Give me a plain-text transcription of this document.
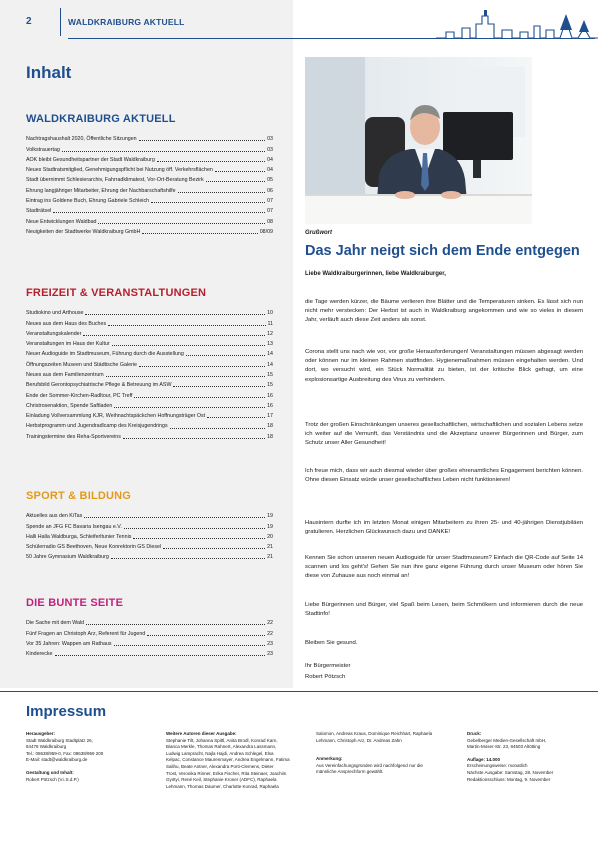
2	WALDKRAIBURG AKTUELL
Inhalt
WALDKRAIBURG AKTUELL
Nachtragshaushalt 2020, Öffentliche Sitzungen	03
Volkstrauertag	03
AOK bleibt Gesundheitspartner der Stadt Waldkraiburg	04
Neues Stadtratsmitglied, Genehmigungspflicht bei Nutzung öff. Verkehrsflächen	04
Stadt übernimmt Schlesierarchiv, Fahrradklimatest, Vor-Ort-Beratung Bezirk	05
Ehrung langjähriger Mitarbeiter, Ehrung der Nachbarschaftshilfe	06
Eintrag ins Goldene Buch, Ehrung Gabriele Schleich	07
Stadträtsel	07
Neue Entwicklungen Waldbad	08
Neuigkeiten der Stadtwerke Waldkraiburg GmbH	08/09
FREIZEIT & VERANSTALTUNGEN
Studiokino und Arthouse	10
Neues aus dem Haus des Buches	11
Veranstaltungskalender	12
Veranstaltungen im Haus der Kultur	13
Neuer Audioguide im Stadtmuseum, Führung durch die Ausstellung	14
Öffnungszeiten Museen und Städtische Galerie	14
Neues aus dem Familienzentrum	15
Berufsbild Gerontopsychiatrische Pflege & Betreuung im ASW	15
Ende der Sommer-Kirchen-Radltour, PC Treff	16
Christrosenaktion, Spende Saftladen	16
Einladung Vollversammlung KJR, Weihnachtspäckchen Hoffnungsträger Ost	17
Herbstprogramm und Jugendradlcamp des Kreisjugendrings	18
Trainingstermine des Reha-Sportvereins	18
SPORT & BILDUNG
Aktuelles aus den KiTas	19
Spende an JFG FC Bavaria Isengau e.V.	19
Halli Halla Waldburga, Schleiferltunier Tennis	20
Schülerradio GS Beethoven, Neue Konrektorin GS Diesel	21
50 Jahre Gymnasium Waldkraiburg	21
DIE BUNTE SEITE
Die Sache mit dem Wald	22
Fünf Fragen an Christoph Arz, Referent für Jugend	22
Vor 35 Jahren: Wappen am Rathaus	23
Kinderecke	23
Grußwort
Das Jahr neigt sich dem Ende entgegen
Liebe Waldkraiburgerinnen, liebe Waldkraiburger,
die Tage werden kürzer, die Bäume verlieren ihre Blätter und die Temperaturen sinken. Es lässt sich nun nicht mehr verstecken: Der Herbst ist auch in Waldkraiburg angekommen und wie so vieles in diesem Jahr, verläuft auch diese Zeit anders als sonst.
Corona stellt uns nach wie vor, vor große Herausforderungen! Veranstaltungen müssen abgesagt werden oder können nur im kleinen Rahmen stattfinden. Hygienemaßnahmen müssen eingehalten werden. Und dort, wo versucht wird, ein Stück Normalität zu bieten, ist der kritische Blick gefragt, um eine explosionsartige Ausbreitung des Virus zu verhindern.
Trotz der großen Einschränkungen unseres gesellschaftlichen, wirtschaftlichen und sozialen Lebens setze ich weiter auf die Vernunft, das Verständnis und die Akzeptanz unserer Bürgerinnen und Bürger, zum Schutz unser Aller Gesundheit!
Ich freue mich, dass wir auch diesmal wieder über großes ehrenamtliches Engagement berichten können. Ohne diesen Einsatz würde unser gesellschaftliches Leben nicht funktionieren!
Hausintern durfte ich im letzten Monat einigen Mitarbeitern zu ihren 25- und 40-jährigen Dienstjubiläen gratulieren. Herzlichen Glückwunsch dazu und DANKE!
Kennen Sie schon unseren neuen Audioguide für unser Stadtmuseum? Einfach die QR-Code auf Seite 14 scannen und los geht's! Gehen Sie nun ihre ganz eigene Führung durch unser Museum oder hören Sie diese von Zuhause aus noch einmal an!
Liebe Bürgerinnen und Bürger, viel Spaß beim Lesen, beim Schmökern und informieren durch die neue Stadtinfo!
Bleiben Sie gesund.
Ihr Bürgermeister
Robert Pötzsch
Impressum
Herausgeber:
Stadt Waldkraiburg Stadtplatz 26,
84478 Waldkraiburg
Tel.: 08638/959-0, Fax: 08638/959 200
E-Mail: stadt@waldkraiburg.de
Gestaltung und Inhalt:
Robert Pötzsch (V.i.S.d.P.)
Weitere Autoren dieser Ausgabe:
Stephanie Tilt, Johanna Spittl, Anita Brodl, Konrad Karn,
Bianca Merkle, Thomas Rahnert, Alexandra Lassmann,
Ludwig Lampracht, Najla Hajdi, Andrea Schlegel, Elsa
Kelpac, Constance Maurenmayer, Andrea Engelmann, Fatima
Salihu, Beate Antner, Alexandra Porti-Clemens, Dieter
Trost, Veronika Rinner, Erika Fischer, Rita Steinaer, Joachim
Gyötyi, René Keil, Stephanie Kroner (ADFC), Raphaela
Lehmann, Thomas Daumer, Charlotte Konrad, Raphaela
Salomon, Andreas Kraus, Dominique Reichhart, Raphaela
Lehmann, Christoph Arz, Dr. Andreas Zahn
Anmerkung:
Aus Vereinfachungsgründen wird nachfolgend nur die
männliche Ansprechform gewählt.
Druck:
Gebelberger Medien-Gesellschaft mbH,
Martin-Moser-Str. 23, 84503 Altötting
Auflage: 14.000
Erscheinungsweise: monatlich
Nächste Ausgabe: Samstag, 28. November
Redaktionsschluss: Montag, 9. November
